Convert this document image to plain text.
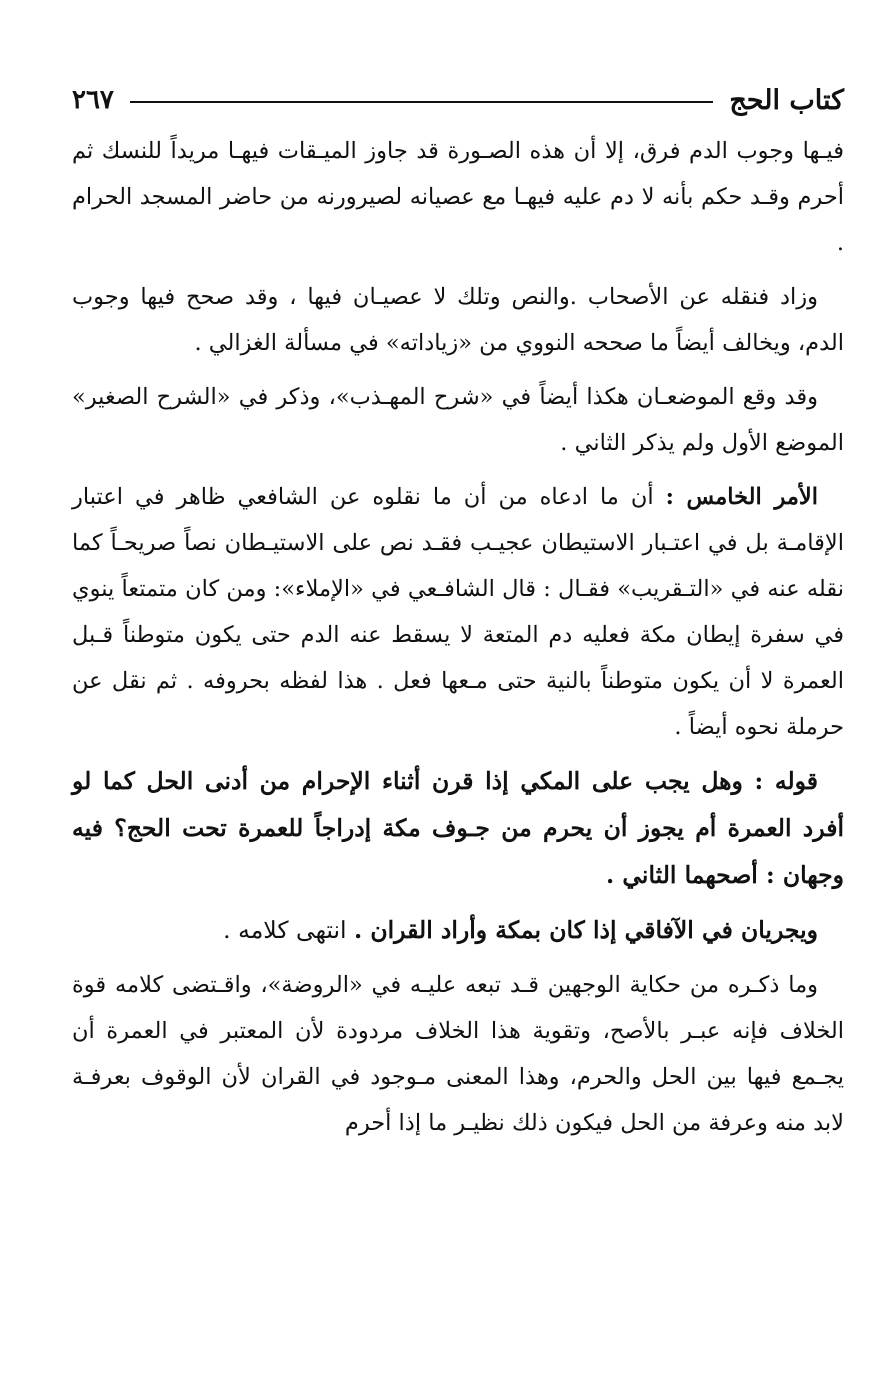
كتاب الحج
٢٦٧

فيـها وجوب الدم فرق، إلا أن هذه الصـورة قد جاوز الميـقات فيهـا مريداً للنسك ثم أحرم وقـد حكم بأنه لا دم عليه فيهـا مع عصيانه لصيرورنه من حاضر المسجد الحرام .

وزاد فنقله عن الأصحاب .والنص وتلك لا عصيـان فيها ، وقد صحح فيها وجوب الدم، ويخالف أيضاً ما صححه النووي من «زياداته» في مسألة الغزالي .

وقد وقع الموضعـان هكذا أيضاً في «شرح المهـذب»، وذكر في «الشرح الصغير» الموضع الأول ولم يذكر الثاني .

الأمر الخامس : أن ما ادعاه من أن ما نقلوه عن الشافعي ظاهر في اعتبار الإقامـة بل في اعتـبار الاستيطان عجيـب فقـد نص على الاستيـطان نصاً صريحـاً كما نقله عنه في «التـقريب» فقـال : قال الشافـعي في «الإملاء»: ومن كان متمتعاً ينوي في سفرة إيطان مكة فعليه دم المتعة لا يسقط عنه الدم حتى يكون متوطناً قـبل العمرة لا أن يكون متوطناً بالنية حتى مـعها فعل . هذا لفظه بحروفه . ثم نقل عن حرملة نحوه أيضاً .

قوله : وهل يجب على المكي إذا قرن أثناء الإحرام من أدنى الحل كما لو أفرد العمرة أم يجوز أن يحرم من جـوف مكة إدراجاً للعمرة تحت الحج؟ فيه وجهان : أصحهما الثاني .

ويجريان في الآفاقي إذا كان بمكة وأراد القران . انتهى كلامه .

وما ذكـره من حكاية الوجهين قـد تبعه عليـه في «الروضة»، واقـتضى كلامه قوة الخلاف فإنه عبـر بالأصح، وتقوية هذا الخلاف مردودة لأن المعتبر في العمرة أن يجـمع فيها بين الحل والحرم، وهذا المعنى مـوجود في القران لأن الوقوف بعرفـة لابد منه وعرفة من الحل فيكون ذلك نظيـر ما إذا أحرم
